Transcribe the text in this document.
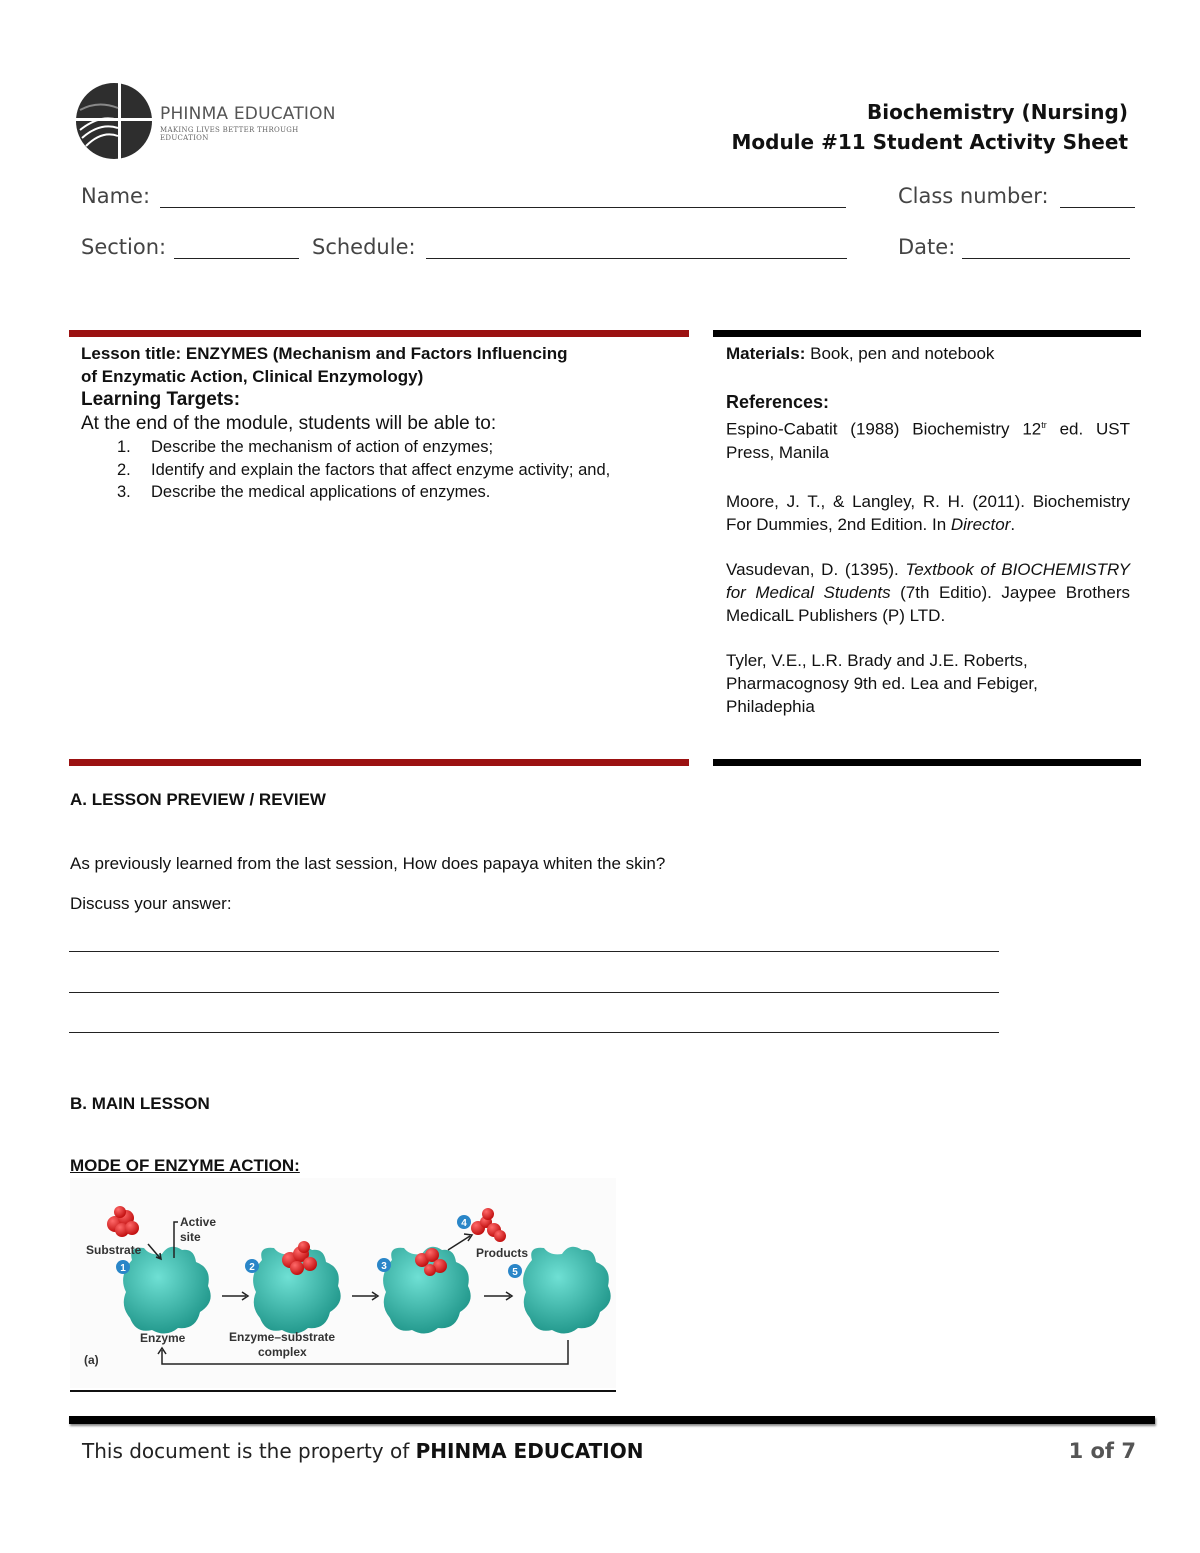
PHINMA EDUCATION
MAKING LIVES BETTER THROUGH EDUCATION
Biochemistry (Nursing)
Module #11 Student Activity Sheet
Name:	Class number:
Section:	Schedule:	Date:
Lesson title: ENZYMES (Mechanism and Factors Influencing
of Enzymatic Action, Clinical Enzymology)
Learning Targets:
At the end of the module, students will be able to:
1. Describe the mechanism of action of enzymes;
2. Identify and explain the factors that affect enzyme activity; and,
3. Describe the medical applications of enzymes.

Materials: Book, pen and notebook

References:

Espino-Cabatit (1988) Biochemistry $12^{tr}$ ed. UST Press, Manila

Moore, J. T., & Langley, R. H. (2011). Biochemistry For Dummies, 2nd Edition. In Director.

Vasudevan, D. (1395). Textbook of BIOCHEMISTRY for Medical Students (7th Editio). Jaypee Brothers MedicalL Publishers (P) LTD.

Tyler, V.E., L.R. Brady and J.E. Roberts, Pharmacognosy 9th ed. Lea and Febiger, Philadephia

A. LESSON PREVIEW / REVIEW
As previously learned from the last session, How does papaya whiten the skin?
Discuss your answer:
B. MAIN LESSON
MODE OF ENZYME ACTION:
1	2	3
4
5
Substrate
Active
site
Enzyme	Enzyme–substrate
complex
Products
(a)
This document is the property of PHINMA EDUCATION	1 of 7
